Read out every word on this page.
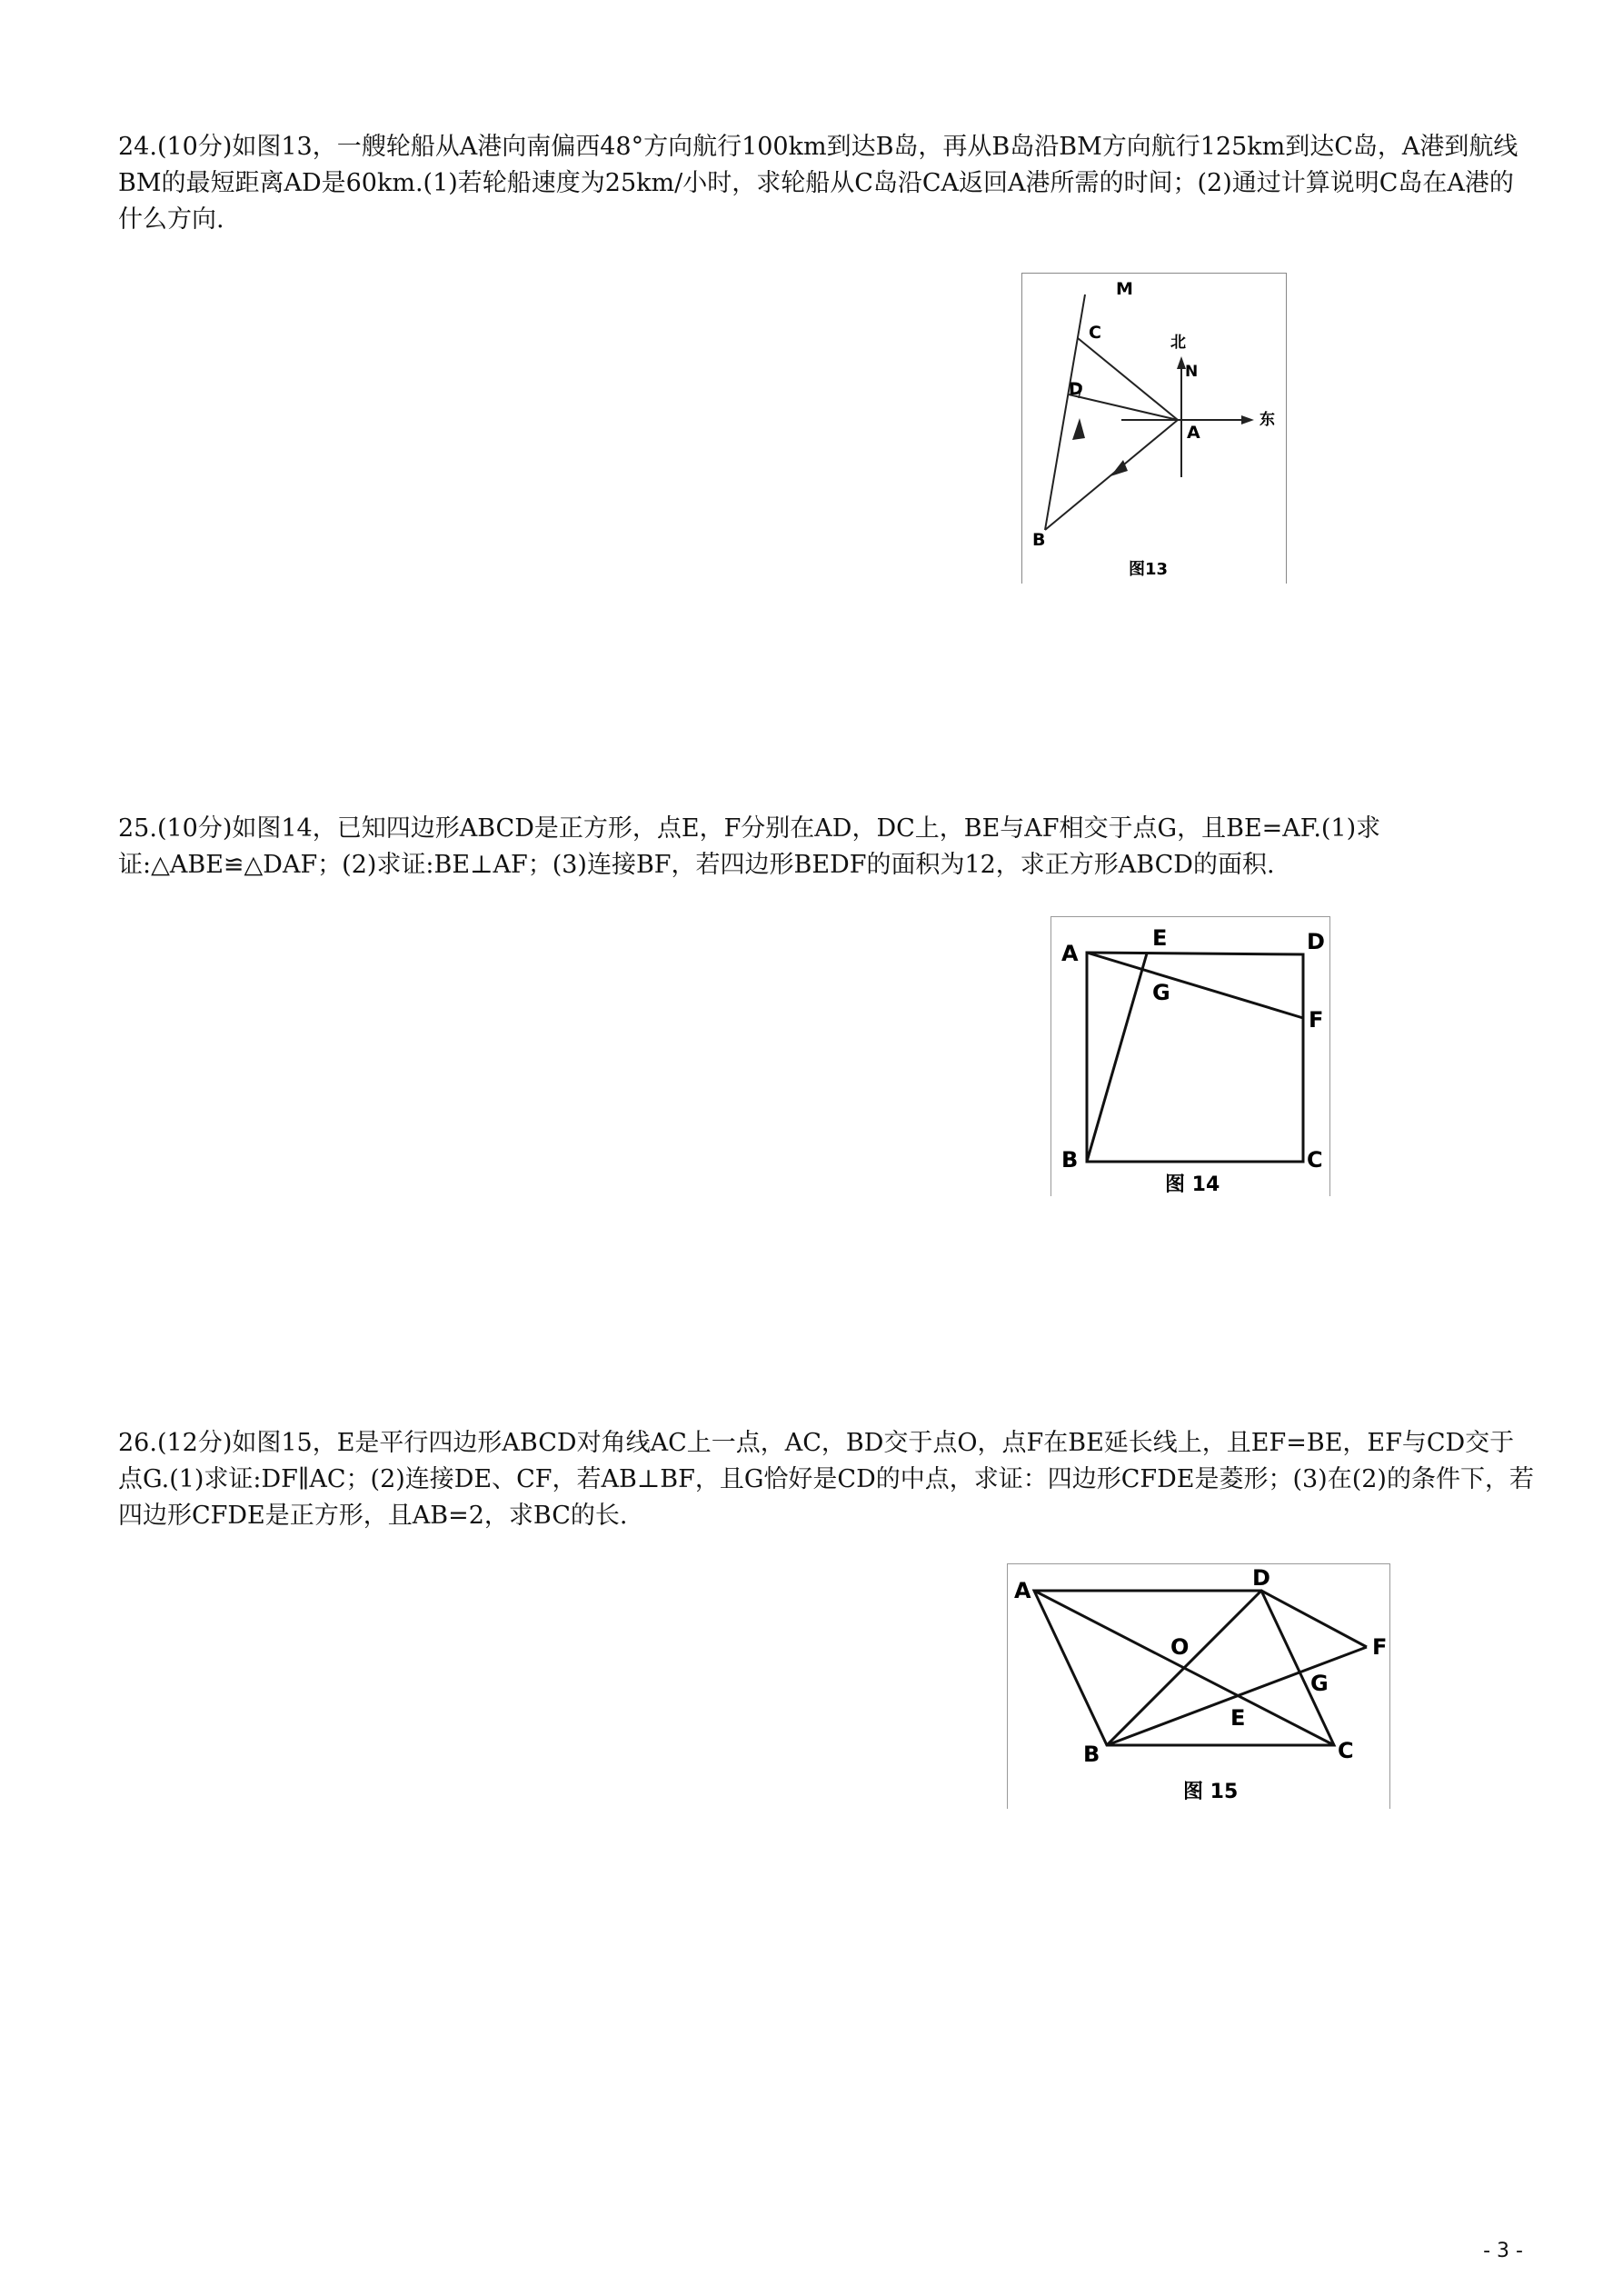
24.(10分)如图13，一艘轮船从A港向南偏西48°方向航行100km到达B岛，再从B岛沿BM方向航行125km到达C岛，A港到航线BM的最短距离AD是60km.(1)若轮船速度为25km/小时，求轮船从C岛沿CA返回A港所需的时间；(2)通过计算说明C岛在A港的什么方向.

M
C
D
A
B
N
北
东
图13

25.(10分)如图14，已知四边形ABCD是正方形，点E，F分别在AD，DC上，BE与AF相交于点G，且BE=AF.(1)求证:△ABE≌△DAF；(2)求证:BE⊥AF；(3)连接BF，若四边形BEDF的面积为12，求正方形ABCD的面积.

A
E	D
G
F
B	C
图 14

26.(12分)如图15，E是平行四边形ABCD对角线AC上一点，AC，BD交于点O，点F在BE延长线上，且EF=BE，EF与CD交于点G.(1)求证:DF∥AC；(2)连接DE、CF，若AB⊥BF，且G恰好是CD的中点，求证：四边形CFDE是菱形；(3)在(2)的条件下，若四边形CFDE是正方形，且AB=2，求BC的长.

A	D
F
O
G
E
B	C
图 15
- 3 -
